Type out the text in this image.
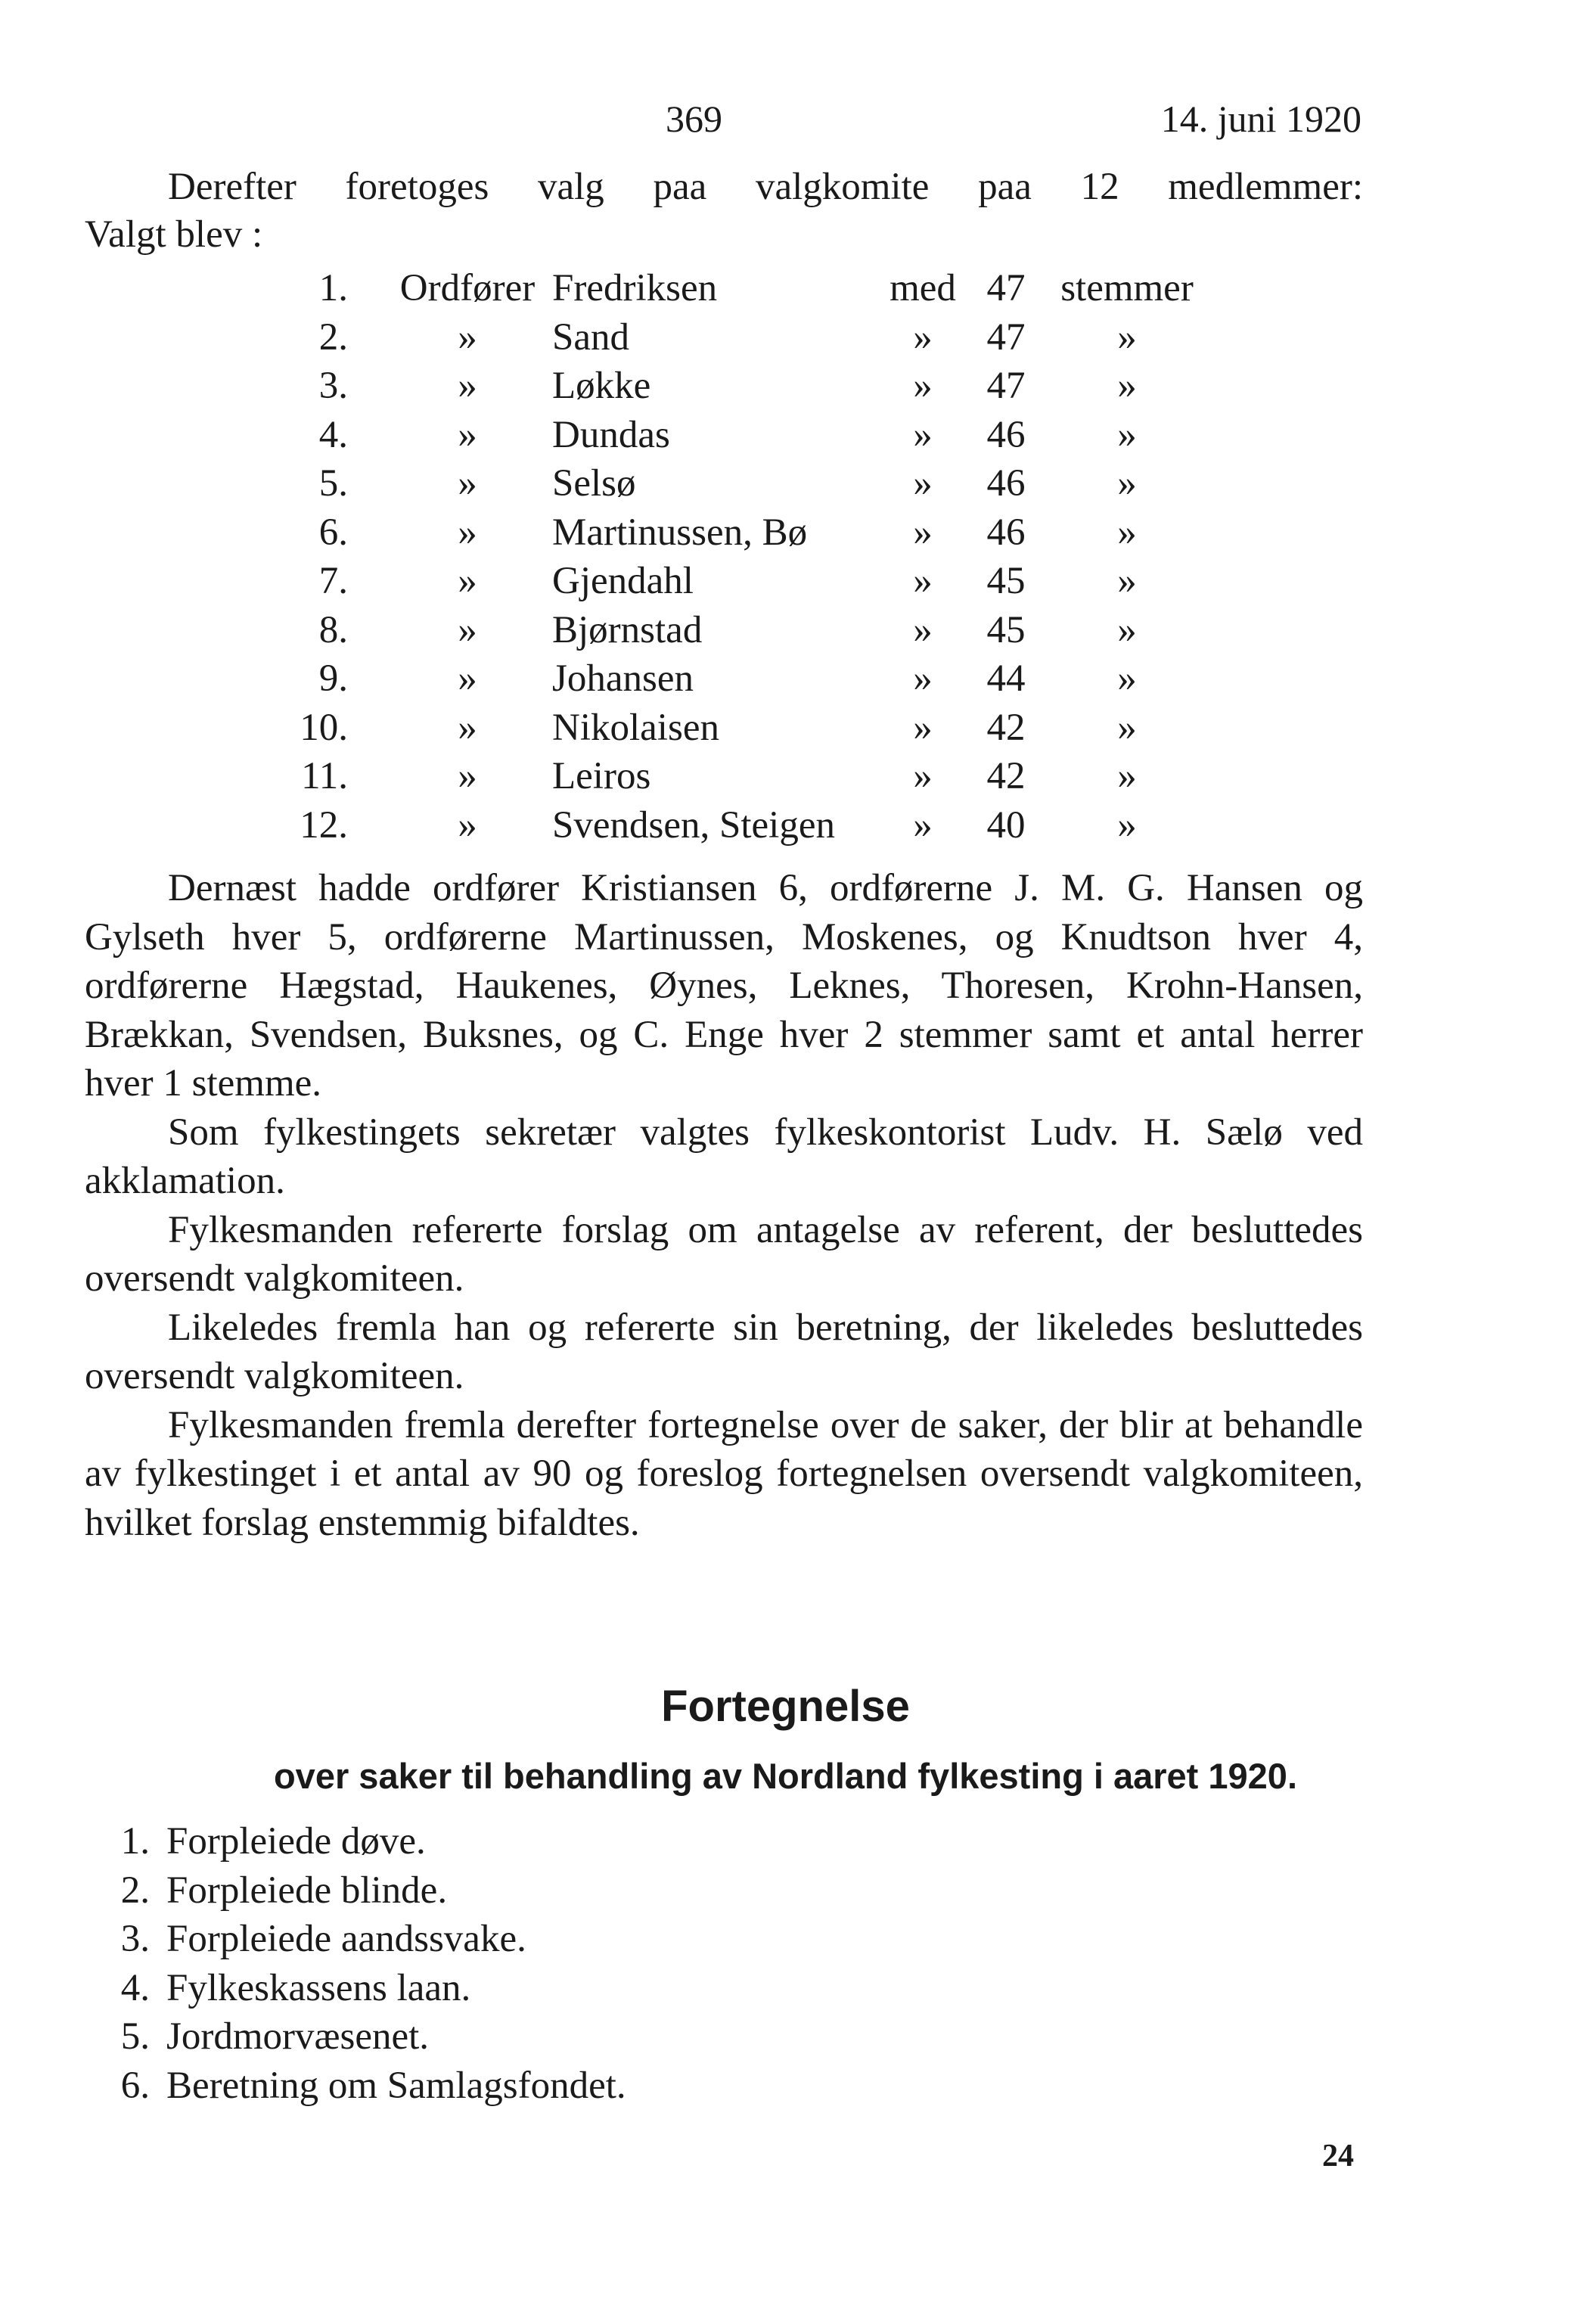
369	14. juni 1920
Derefter foretoges valg paa valgkomite paa 12 medlemmer:
Valgt blev :
1.	Ordfører Fredriksen	med 47 stemmer
2.	»	Sand	»	47	»
3.	»	Løkke	»	47	»
4.	»	Dundas	»	46	»
5.	»	Selsø	»	46	»
6.	»	Martinussen, Bø	»	46	»
7.	»	Gjendahl	»	45	»
8.	»	Bjørnstad	»	45	»
9.	»	Johansen	»	44	»
10.	»	Nikolaisen	»	42	»
11.	»	Leiros	»	42	»
12.	»	Svendsen, Steigen	»	40	»

Dernæst hadde ordfører Kristiansen 6, ordførerne J. M. G. Hansen og Gylseth hver 5, ordførerne Martinussen, Moskenes, og Knudtson hver 4, ordførerne Hægstad, Haukenes, Øynes, Leknes, Thoresen, Krohn-Hansen, Brækkan, Svendsen, Buksnes, og C. Enge hver 2 stemmer samt et antal herrer hver 1 stemme.

Som fylkestingets sekretær valgtes fylkeskontorist Ludv. H. Sælø ved akklamation.

Fylkesmanden refererte forslag om antagelse av referent, der besluttedes oversendt valgkomiteen.

Likeledes fremla han og refererte sin beretning, der likeledes besluttedes oversendt valgkomiteen.

Fylkesmanden fremla derefter fortegnelse over de saker, der blir at behandle av fylkestinget i et antal av 90 og foreslog fortegnelsen oversendt valgkomiteen, hvilket forslag enstemmig bifaldtes.

Fortegnelse
over saker til behandling av Nordland fylkesting i aaret 1920.
1. Forpleiede døve.
2. Forpleiede blinde.
3. Forpleiede aandssvake.
4. Fylkeskassens laan.
5. Jordmorvæsenet.
6. Beretning om Samlagsfondet.
24
